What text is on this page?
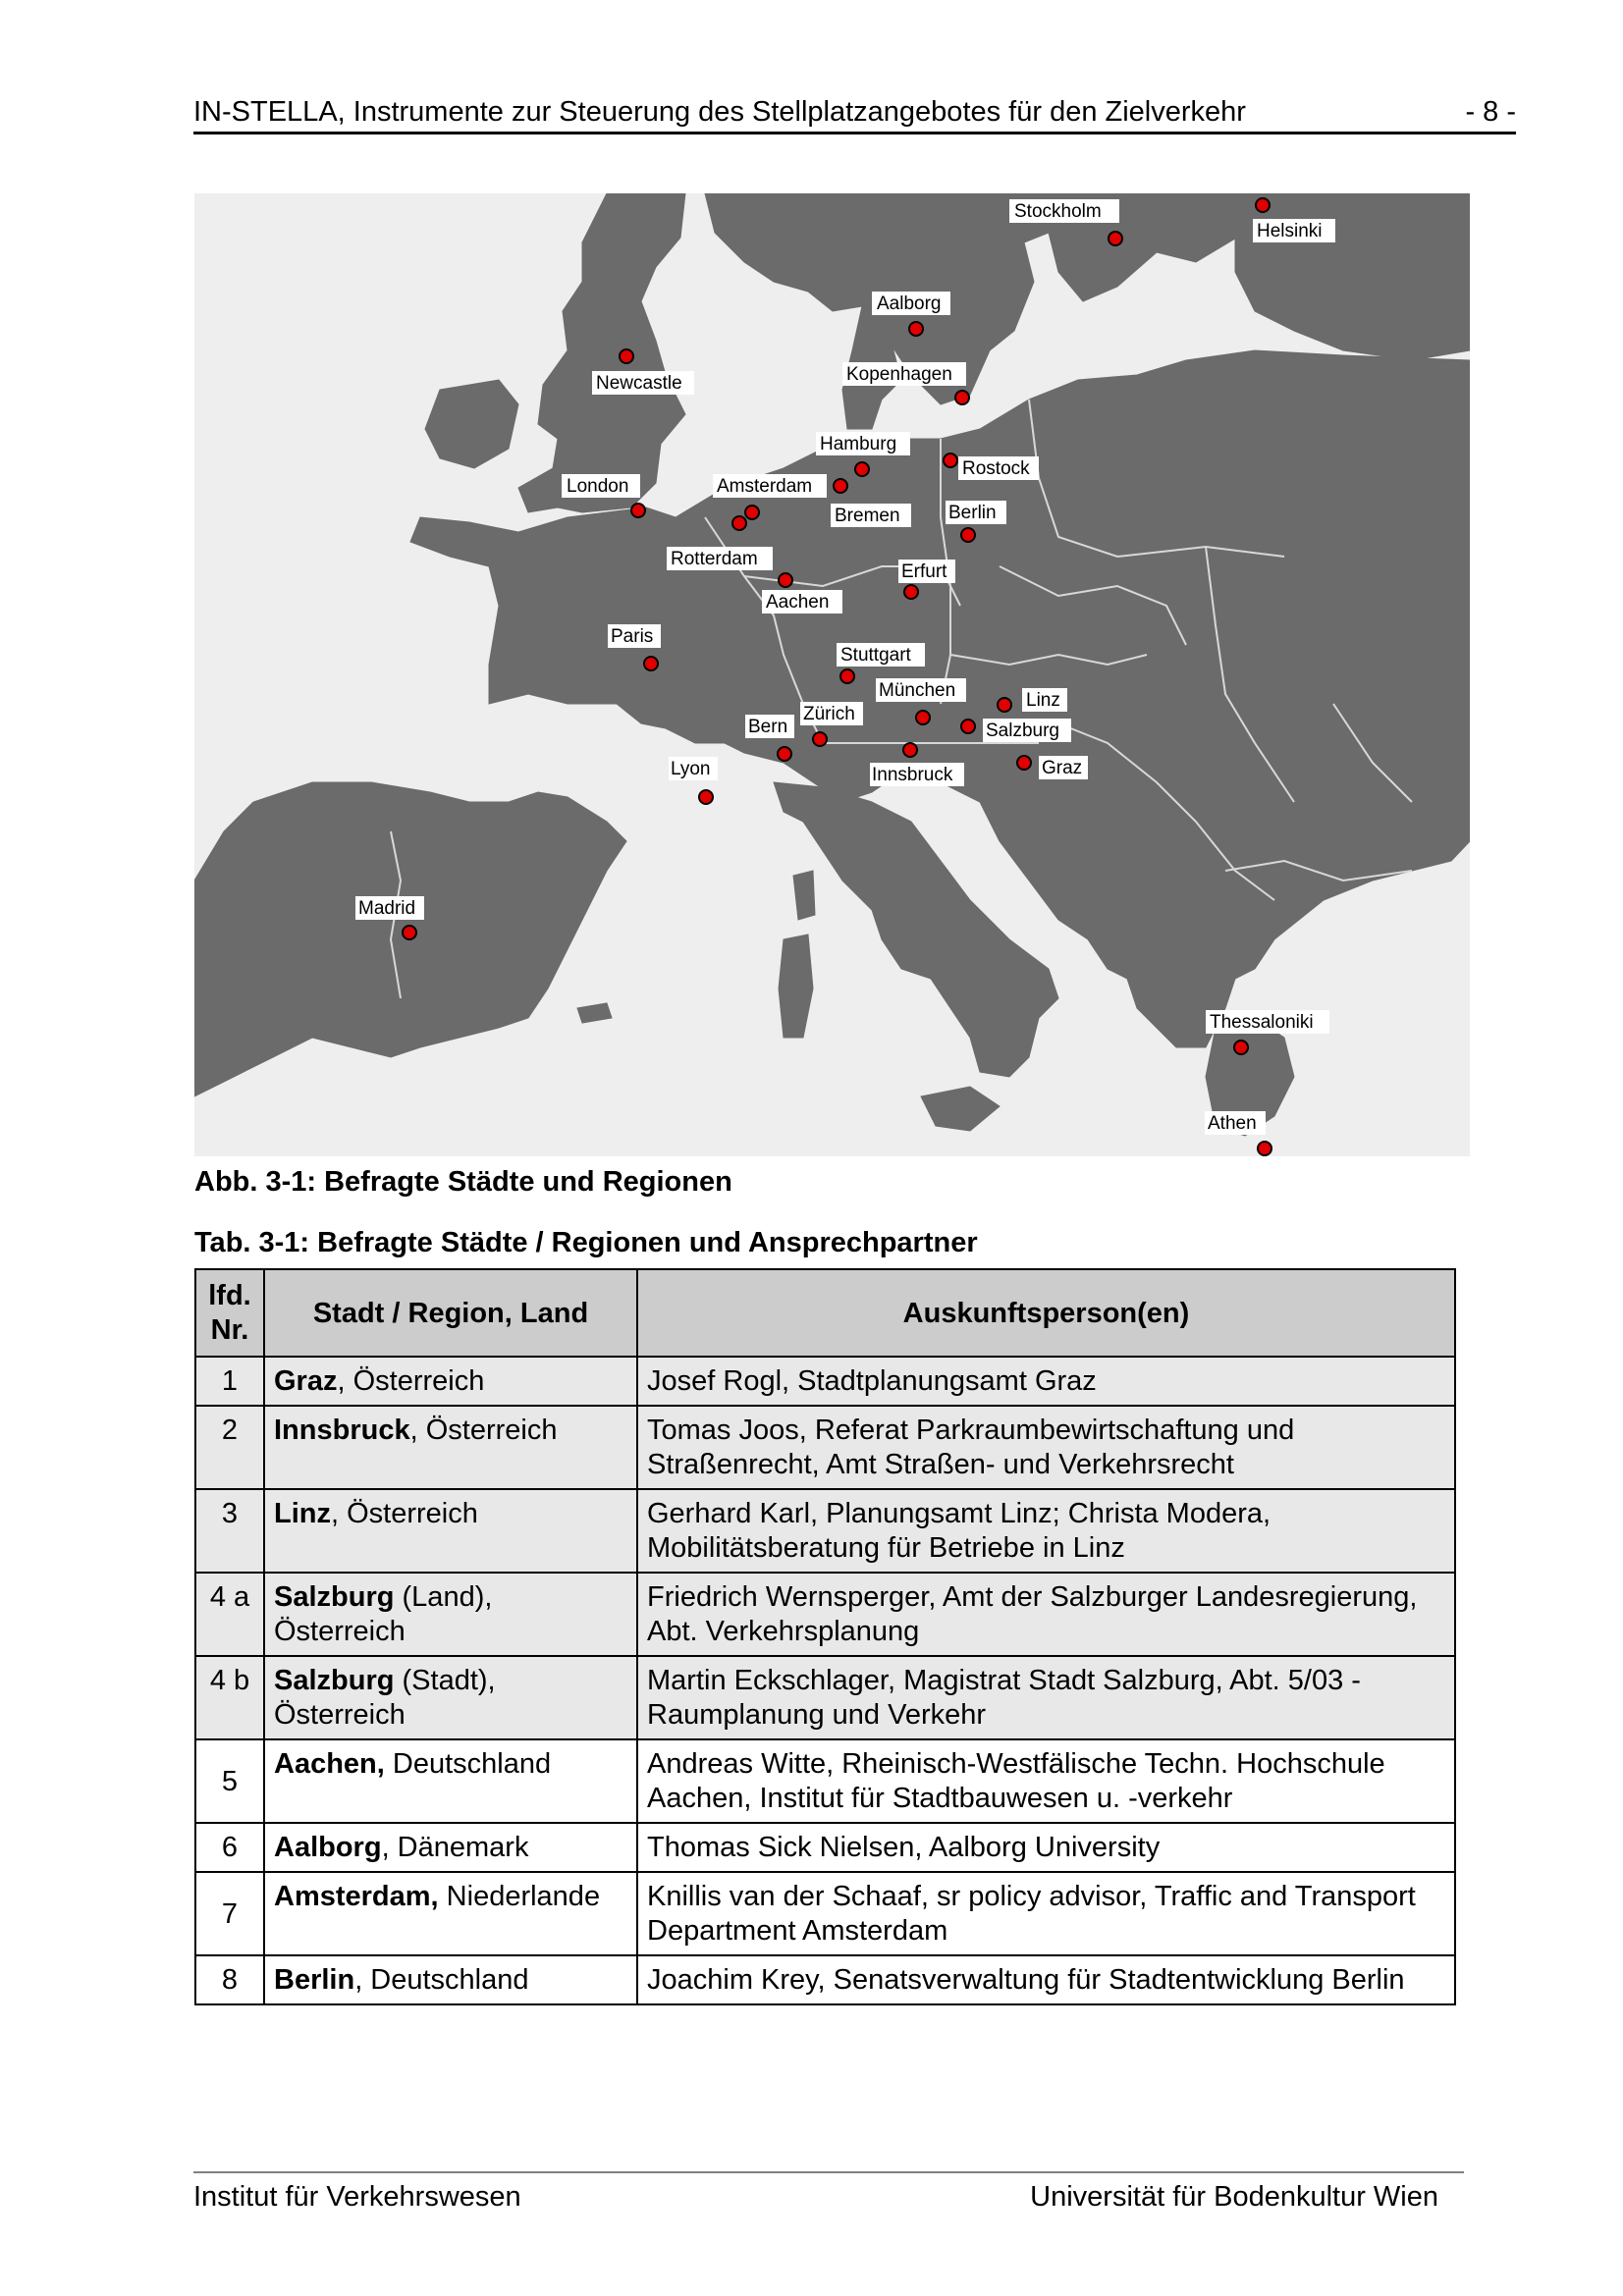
IN-STELLA, Instrumente zur Steuerung des Stellplatzangebotes für den Zielverkehr	- 8 -
Stockholm
Helsinki
Aalborg
Newcastle	Kopenhagen
Hamburg
Rostock
London	Amsterdam
Bremen	Berlin
Rotterdam
Erfurt
Aachen
Paris
Stuttgart
München	Linz
Zürich
Salzburg
Bern
Innsbruck	Graz
Lyon
Madrid
Thessaloniki
Athen
Abb. 3-1: Befragte Städte und Regionen
Tab. 3-1: Befragte Städte / Regionen und Ansprechpartner
lfd.
Nr.	Stadt / Region, Land	Auskunftsperson(en)
1	Graz, Österreich	Josef Rogl, Stadtplanungsamt Graz
2	Innsbruck, Österreich	Tomas Joos, Referat Parkraumbewirtschaftung und Straßenrecht, Amt Straßen- und Verkehrsrecht
3	Linz, Österreich	Gerhard Karl, Planungsamt Linz; Christa Modera, Mobilitätsberatung für Betriebe in Linz
4 a	Salzburg (Land), Österreich	Friedrich Wernsperger, Amt der Salzburger Landesregierung, Abt. Verkehrsplanung
4 b	Salzburg (Stadt), Österreich	Martin Eckschlager, Magistrat Stadt Salzburg, Abt. 5/03 - Raumplanung und Verkehr
5	Aachen, Deutschland	Andreas Witte, Rheinisch-Westfälische Techn. Hochschule Aachen, Institut für Stadtbauwesen u. -verkehr
6	Aalborg, Dänemark	Thomas Sick Nielsen, Aalborg University
7	Amsterdam, Niederlande	Knillis van der Schaaf, sr policy advisor, Traffic and Transport Department Amsterdam
8	Berlin, Deutschland	Joachim Krey, Senatsverwaltung für Stadtentwicklung Berlin
Institut für Verkehrswesen	Universität für Bodenkultur Wien
